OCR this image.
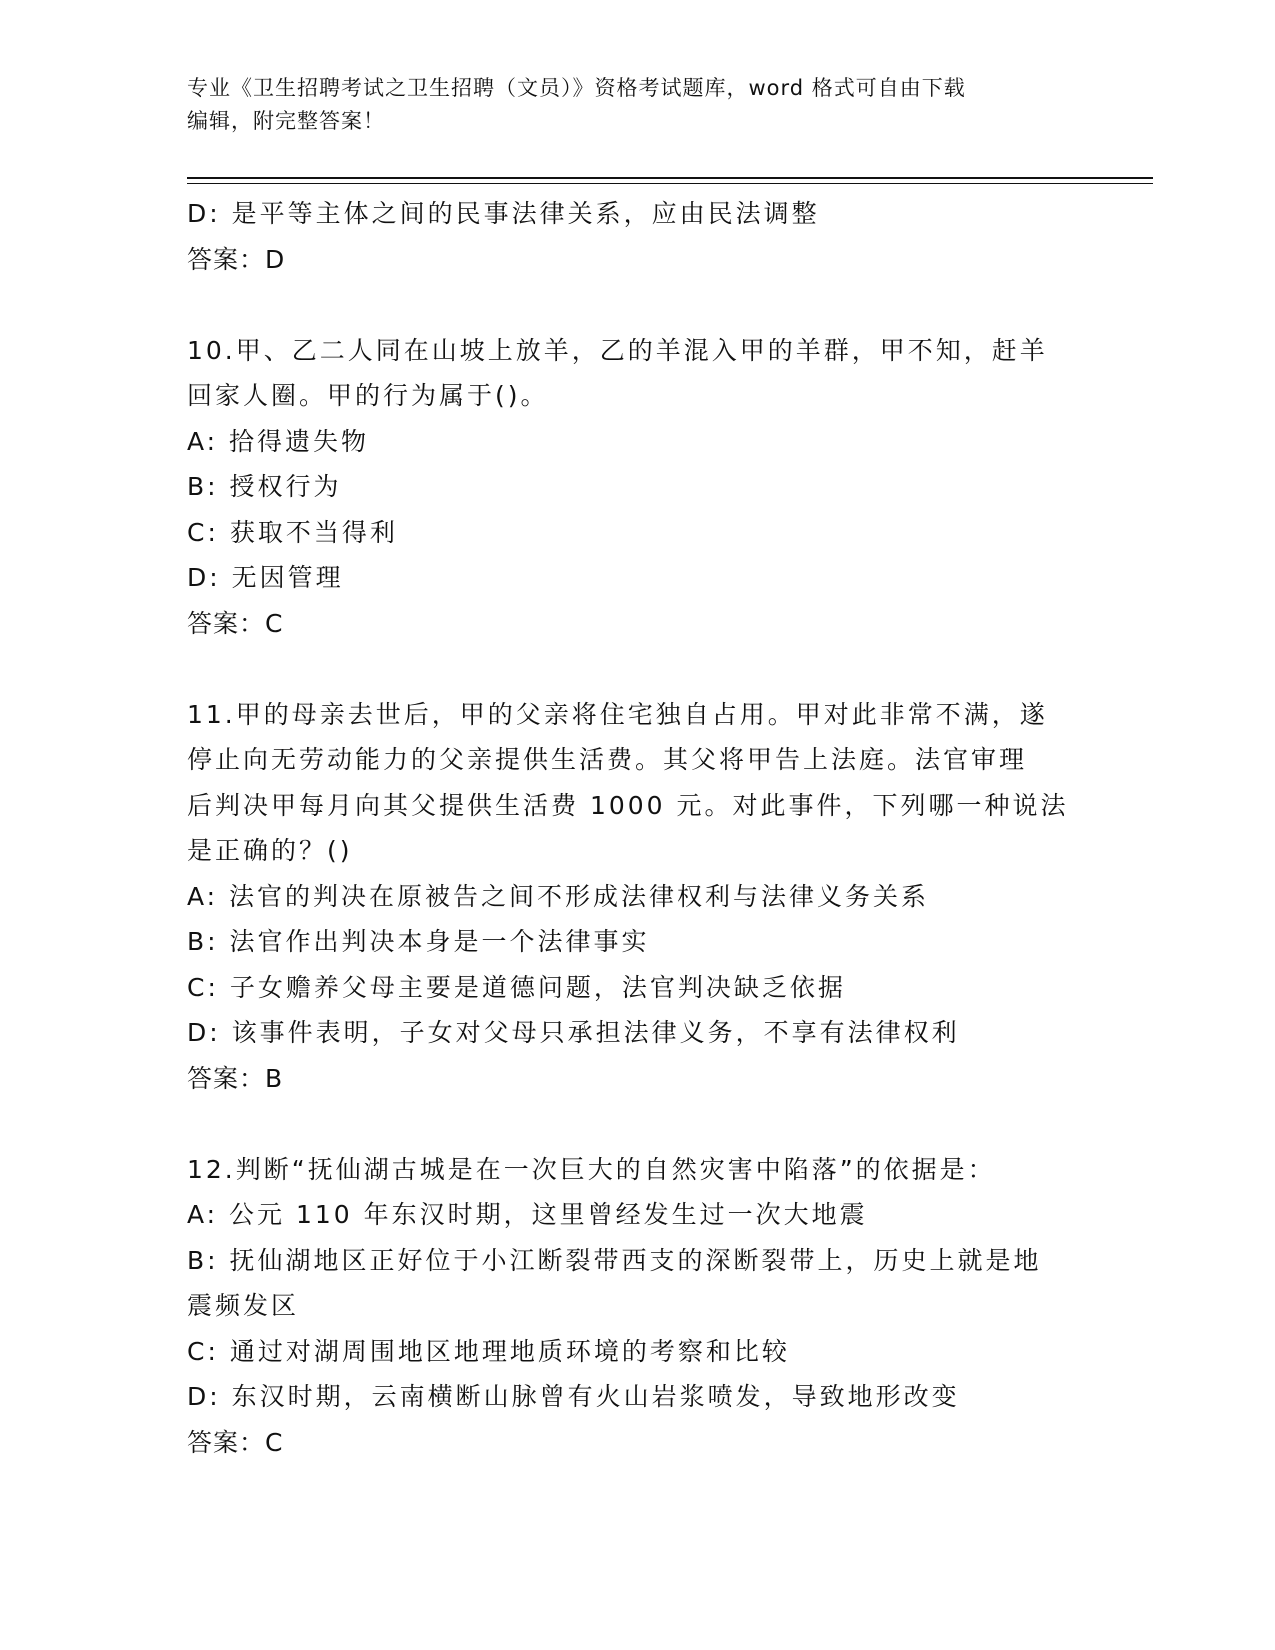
专业《卫生招聘考试之卫生招聘（文员）》资格考试题库，word 格式可自由下载
编辑，附完整答案！
D: 是平等主体之间的民事法律关系，应由民法调整
答案：D
10.甲、乙二人同在山坡上放羊，乙的羊混入甲的羊群，甲不知，赶羊
回家人圈。甲的行为属于()。
A: 拾得遗失物
B: 授权行为
C: 获取不当得利
D: 无因管理
答案：C
11.甲的母亲去世后，甲的父亲将住宅独自占用。甲对此非常不满，遂
停止向无劳动能力的父亲提供生活费。其父将甲告上法庭。法官审理
后判决甲每月向其父提供生活费 1000 元。对此事件，下列哪一种说法
是正确的？()
A: 法官的判决在原被告之间不形成法律权利与法律义务关系
B: 法官作出判决本身是一个法律事实
C: 子女赡养父母主要是道德问题，法官判决缺乏依据
D: 该事件表明，子女对父母只承担法律义务，不享有法律权利
答案：B
12.判断“抚仙湖古城是在一次巨大的自然灾害中陷落”的依据是：
A: 公元 110 年东汉时期，这里曾经发生过一次大地震
B: 抚仙湖地区正好位于小江断裂带西支的深断裂带上，历史上就是地
震频发区
C: 通过对湖周围地区地理地质环境的考察和比较
D: 东汉时期，云南横断山脉曾有火山岩浆喷发，导致地形改变
答案：C
